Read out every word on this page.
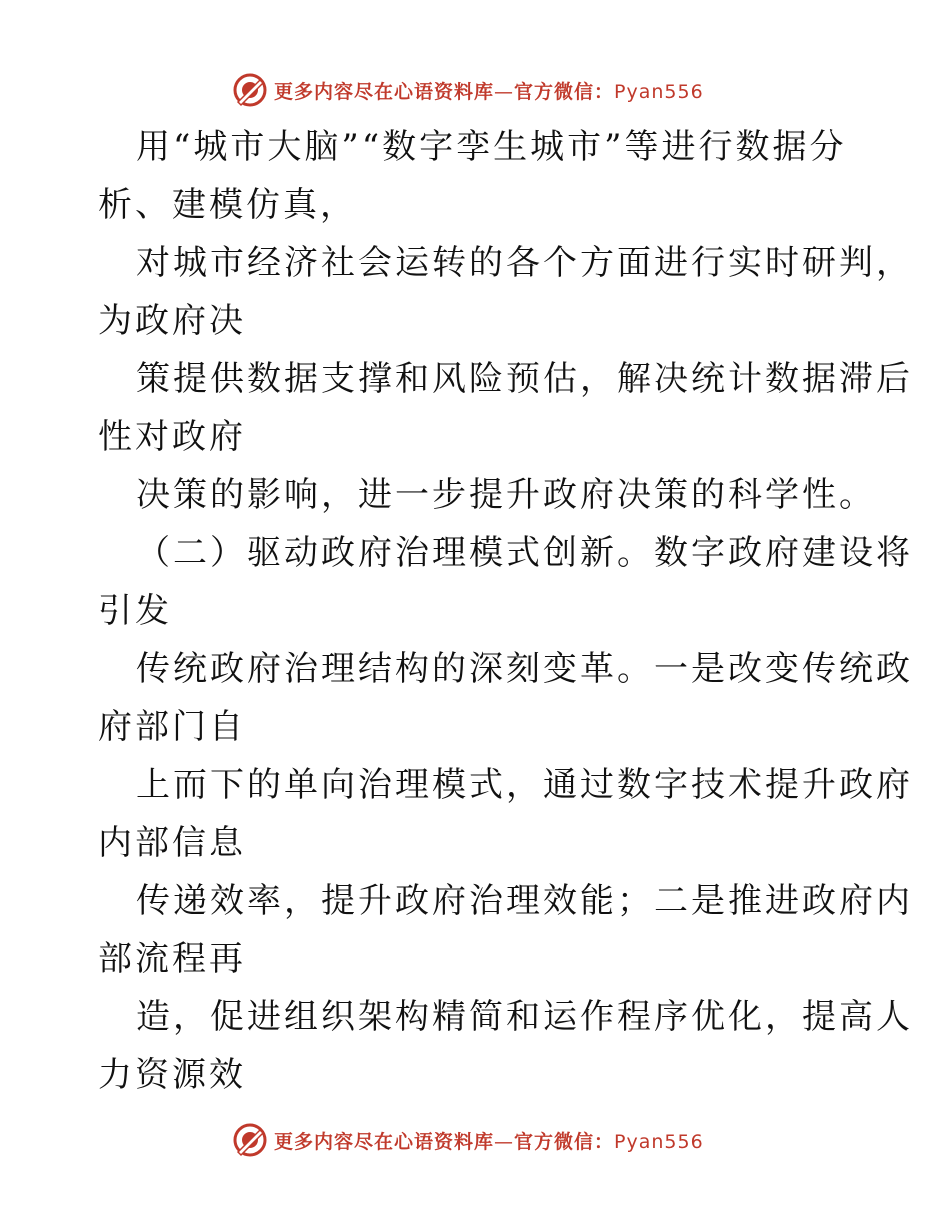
更多内容尽在心语资料库—官方微信：Pyan556
用“城市大脑”“数字孪生城市”等进行数据分
析、建模仿真，
对城市经济社会运转的各个方面进行实时研判，
为政府决
策提供数据支撑和风险预估，解决统计数据滞后
性对政府
决策的影响，进一步提升政府决策的科学性。
（二）驱动政府治理模式创新。数字政府建设将
引发
传统政府治理结构的深刻变革。一是改变传统政
府部门自
上而下的单向治理模式，通过数字技术提升政府
内部信息
传递效率，提升政府治理效能；二是推进政府内
部流程再
造，促进组织架构精简和运作程序优化，提高人
力资源效
更多内容尽在心语资料库—官方微信：Pyan556
